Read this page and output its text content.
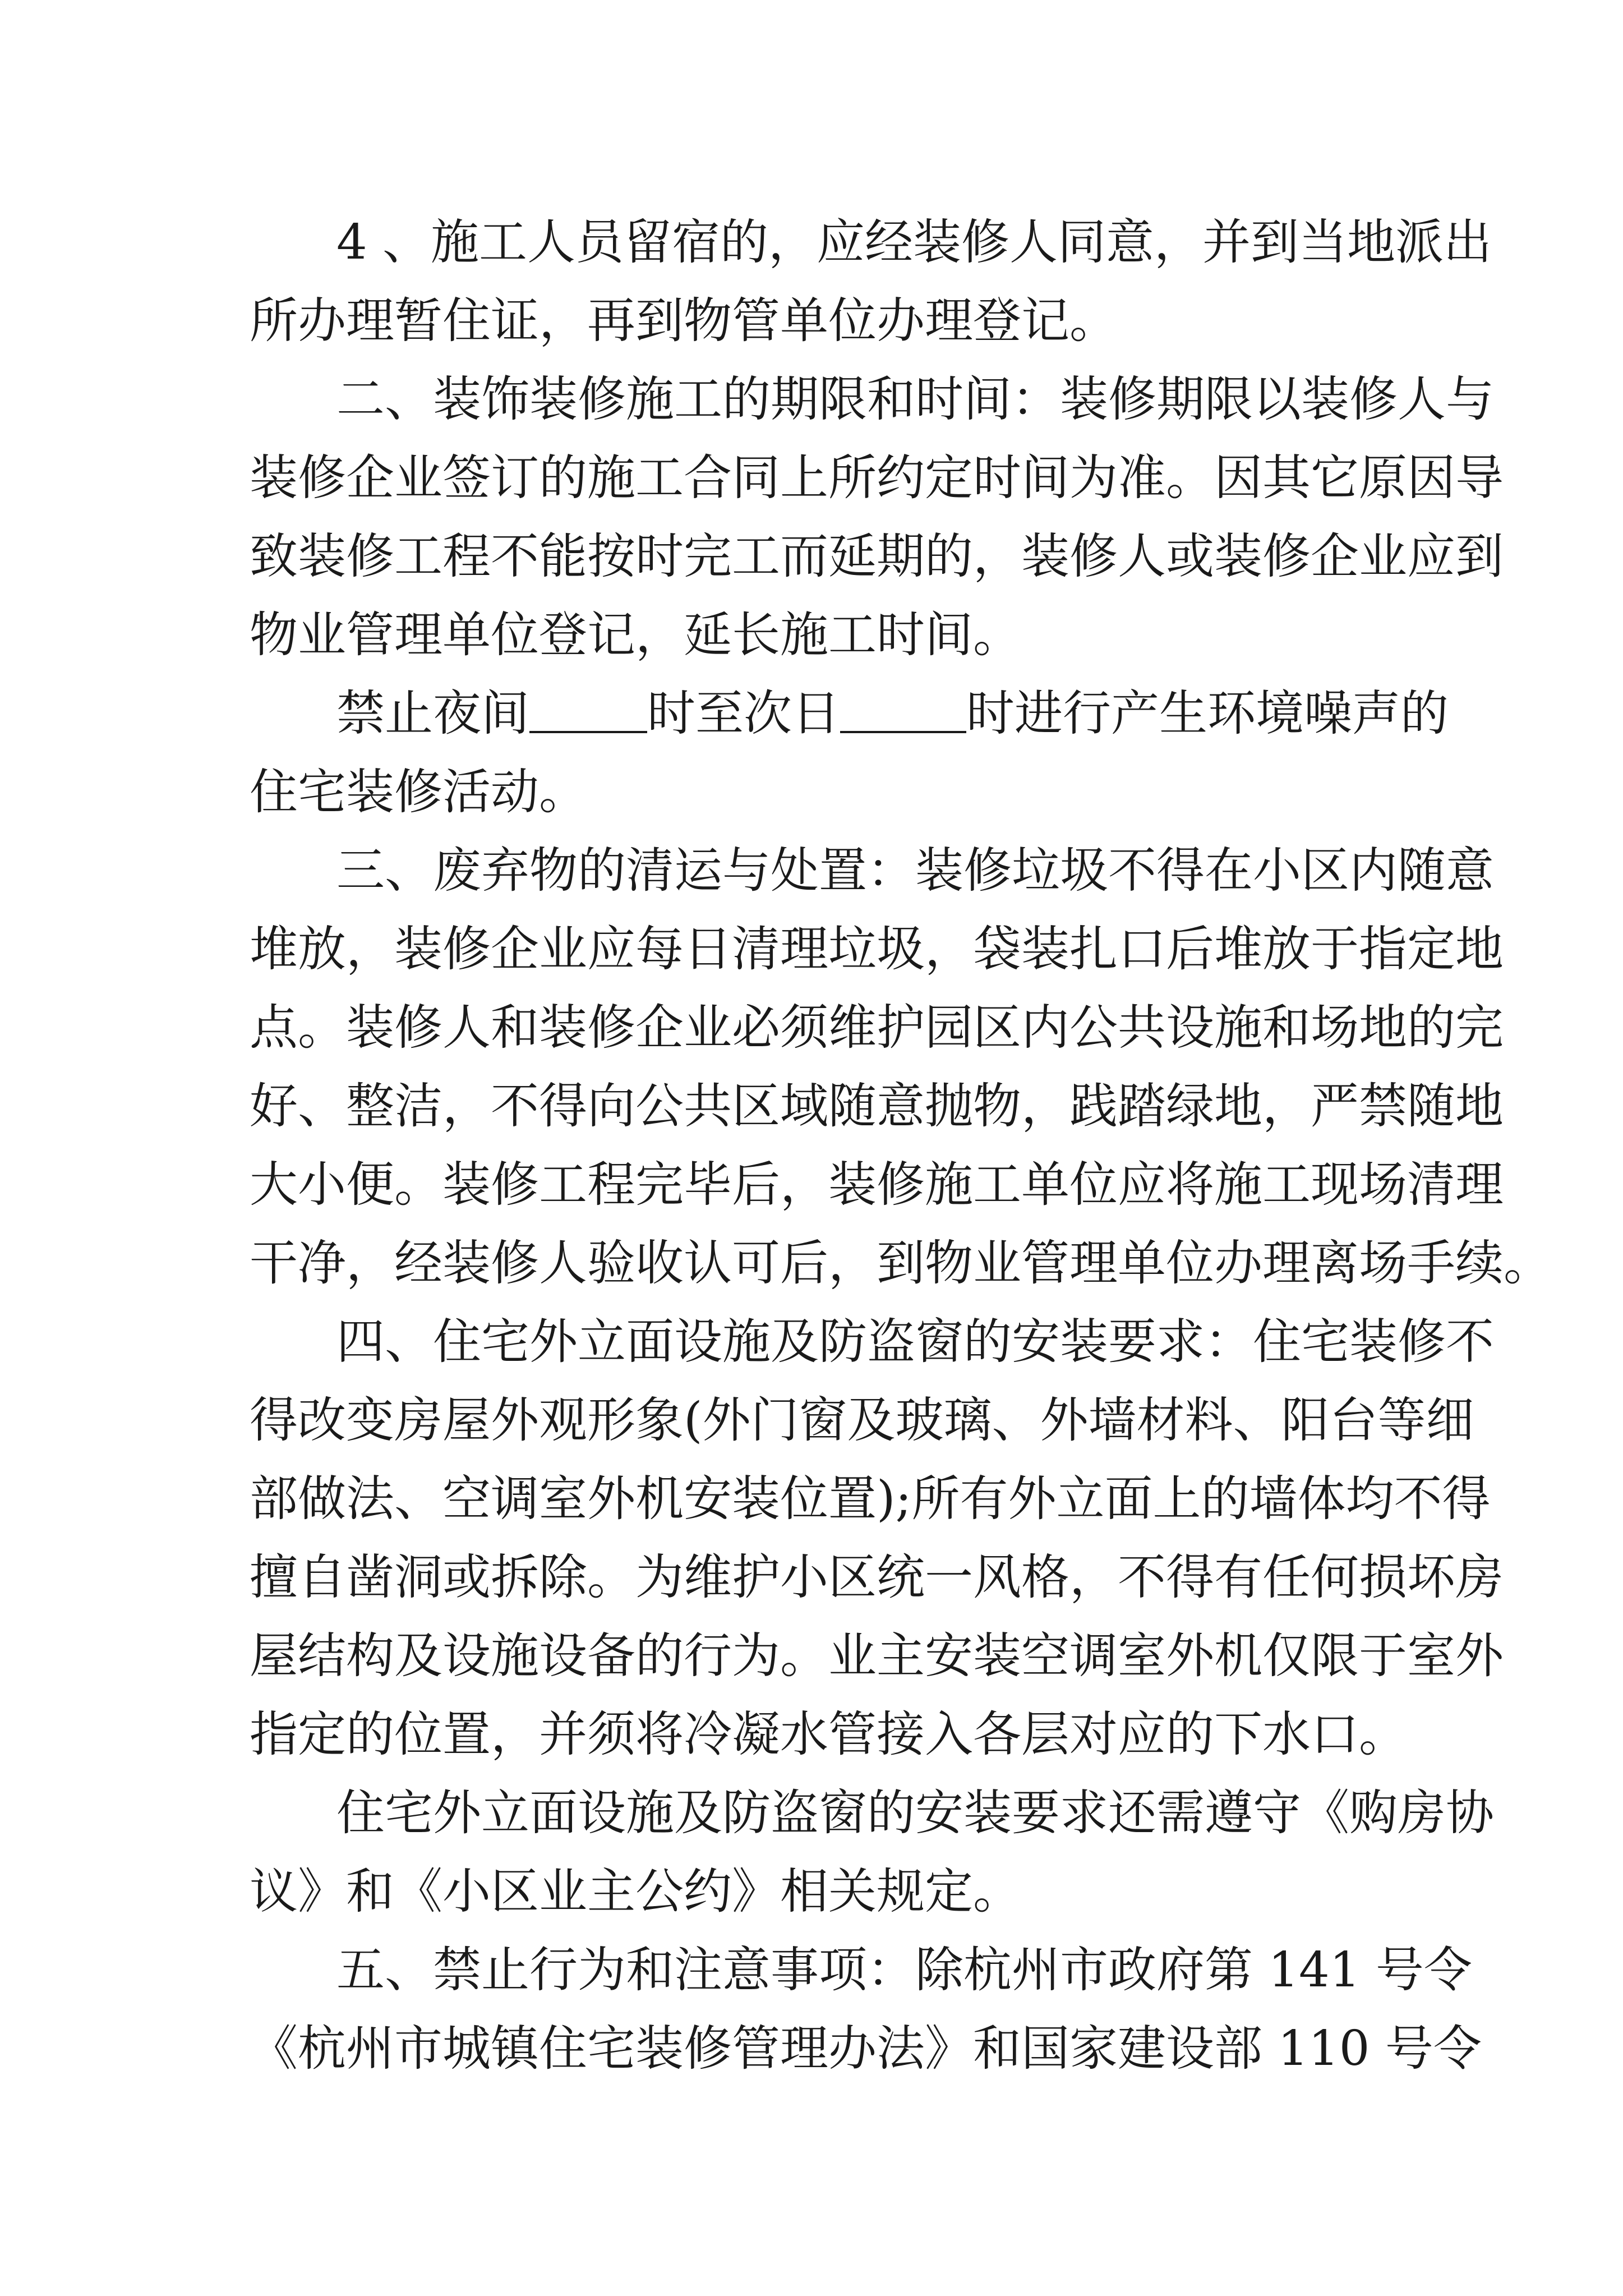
4 、施工人员留宿的，应经装修人同意，并到当地派出
所办理暂住证，再到物管单位办理登记。
二、装饰装修施工的期限和时间：装修期限以装修人与
装修企业签订的施工合同上所约定时间为准。因其它原因导
致装修工程不能按时完工而延期的，装修人或装修企业应到
物业管理单位登记，延长施工时间。
禁止夜间 时至次日	时进行产生环境噪声的
住宅装修活动。
三、废弃物的清运与处置：装修垃圾不得在小区内随意
堆放，装修企业应每日清理垃圾，袋装扎口后堆放于指定地
点。装修人和装修企业必须维护园区内公共设施和场地的完
好、整洁，不得向公共区域随意抛物，践踏绿地，严禁随地
大小便。装修工程完毕后，装修施工单位应将施工现场清理
干净，经装修人验收认可后，到物业管理单位办理离场手续。
四、住宅外立面设施及防盗窗的安装要求：住宅装修不
得改变房屋外观形象(外门窗及玻璃、外墙材料、阳台等细
部做法、空调室外机安装位置);所有外立面上的墙体均不得
擅自凿洞或拆除。为维护小区统一风格，不得有任何损坏房
屋结构及设施设备的行为。业主安装空调室外机仅限于室外
指定的位置，并须将冷凝水管接入各层对应的下水口。
住宅外立面设施及防盗窗的安装要求还需遵守《购房协
议》和《小区业主公约》相关规定。
五、禁止行为和注意事项：除杭州市政府第 141 号令
《杭州市城镇住宅装修管理办法》和国家建设部 110 号令
